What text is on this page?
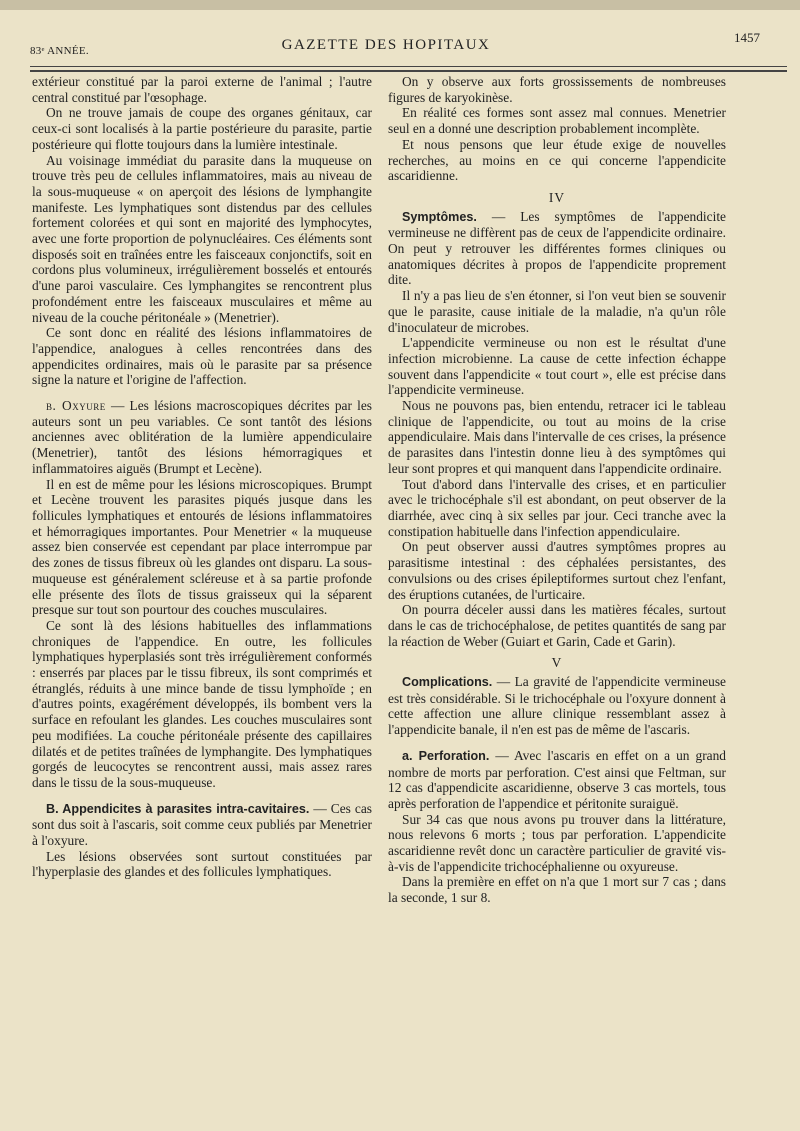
83ᵉ ANNÉE.	GAZETTE DES HOPITAUX	1457

extérieur constitué par la paroi externe de l'animal ; l'autre central constitué par l'œsophage.

On ne trouve jamais de coupe des organes génitaux, car ceux-ci sont localisés à la partie postérieure du parasite, partie postérieure qui flotte toujours dans la lumière intestinale.

Au voisinage immédiat du parasite dans la muqueuse on trouve très peu de cellules inflammatoires, mais au niveau de la sous-muqueuse « on aperçoit des lésions de lymphangite manifeste. Les lymphatiques sont distendus par des cellules fortement colorées et qui sont en majorité des lymphocytes, avec une forte proportion de polynucléaires. Ces éléments sont disposés soit en traînées entre les faisceaux conjonctifs, soit en cordons plus volumineux, irrégulièrement bosselés et entourés d'une paroi vasculaire. Ces lymphangites se rencontrent plus profondément entre les faisceaux musculaires et même au niveau de la couche péritonéale » (Menetrier).

Ce sont donc en réalité des lésions inflammatoires de l'appendice, analogues à celles rencontrées dans des appendicites ordinaires, mais où le parasite par sa présence signe la nature et l'origine de l'affection.

b. Oxyure — Les lésions macroscopiques décrites par les auteurs sont un peu variables. Ce sont tantôt des lésions anciennes avec oblitération de la lumière appendiculaire (Menetrier), tantôt des lésions hémorragiques et inflammatoires aiguës (Brumpt et Lecène).

Il en est de même pour les lésions microscopiques. Brumpt et Lecène trouvent les parasites piqués jusque dans les follicules lymphatiques et entourés de lésions inflammatoires et hémorragiques importantes. Pour Menetrier « la muqueuse assez bien conservée est cependant par place interrompue par des zones de tissus fibreux où les glandes ont disparu. La sous-muqueuse est généralement scléreuse et à sa partie profonde elle présente des îlots de tissus graisseux qui la séparent presque sur tout son pourtour des couches musculaires.

Ce sont là des lésions habituelles des inflammations chroniques de l'appendice. En outre, les follicules lymphatiques hyperplasiés sont très irrégulièrement conformés : enserrés par places par le tissu fibreux, ils sont comprimés et étranglés, réduits à une mince bande de tissu lymphoïde ; en d'autres points, exagérément développés, ils bombent vers la surface en refoulant les glandes. Les couches musculaires sont peu modifiées. La couche péritonéale présente des capillaires dilatés et de petites traînées de lymphangite. Des lymphatiques gorgés de leucocytes se rencontrent aussi, mais assez rares dans le tissu de la sous-muqueuse.

B. Appendicites à parasites intra-cavitaires. — Ces cas sont dus soit à l'ascaris, soit comme ceux publiés par Menetrier à l'oxyure.

Les lésions observées sont surtout constituées par l'hyperplasie des glandes et des follicules lymphatiques.

On y observe aux forts grossissements de nombreuses figures de karyokinèse.

En réalité ces formes sont assez mal connues. Menetrier seul en a donné une description probablement incomplète.

Et nous pensons que leur étude exige de nouvelles recherches, au moins en ce qui concerne l'appendicite ascaridienne.

IV

Symptômes. — Les symptômes de l'appendicite vermineuse ne diffèrent pas de ceux de l'appendicite ordinaire. On peut y retrouver les différentes formes cliniques ou anatomiques décrites à propos de l'appendicite proprement dite.

Il n'y a pas lieu de s'en étonner, si l'on veut bien se souvenir que le parasite, cause initiale de la maladie, n'a qu'un rôle d'inoculateur de microbes.

L'appendicite vermineuse ou non est le résultat d'une infection microbienne. La cause de cette infection échappe souvent dans l'appendicite « tout court », elle est précise dans l'appendicite vermineuse.

Nous ne pouvons pas, bien entendu, retracer ici le tableau clinique de l'appendicite, ou tout au moins de la crise appendiculaire. Mais dans l'intervalle de ces crises, la présence de parasites dans l'intestin donne lieu à des symptômes qui leur sont propres et qui manquent dans l'appendicite ordinaire.

Tout d'abord dans l'intervalle des crises, et en particulier avec le trichocéphale s'il est abondant, on peut observer de la diarrhée, avec cinq à six selles par jour. Ceci tranche avec la constipation habituelle dans l'infection appendiculaire.

On peut observer aussi d'autres symptômes propres au parasitisme intestinal : des céphalées persistantes, des convulsions ou des crises épileptiformes surtout chez l'enfant, des éruptions cutanées, de l'urticaire.

On pourra déceler aussi dans les matières fécales, surtout dans le cas de trichocéphalose, de petites quantités de sang par la réaction de Weber (Guiart et Garin, Cade et Garin).

V

Complications. — La gravité de l'appendicite vermineuse est très considérable. Si le trichocéphale ou l'oxyure donnent à cette affection une allure clinique ressemblant assez à l'appendicite banale, il n'en est pas de même de l'ascaris.

a. Perforation. — Avec l'ascaris en effet on a un grand nombre de morts par perforation. C'est ainsi que Feltman, sur 12 cas d'appendicite ascaridienne, observe 3 cas mortels, tous après perforation de l'appendice et péritonite suraiguë.

Sur 34 cas que nous avons pu trouver dans la littérature, nous relevons 6 morts ; tous par perforation. L'appendicite ascaridienne revêt donc un caractère particulier de gravité vis-à-vis de l'appendicite trichocéphalienne ou oxyureuse.

Dans la première en effet on n'a que 1 mort sur 7 cas ; dans la seconde, 1 sur 8.
